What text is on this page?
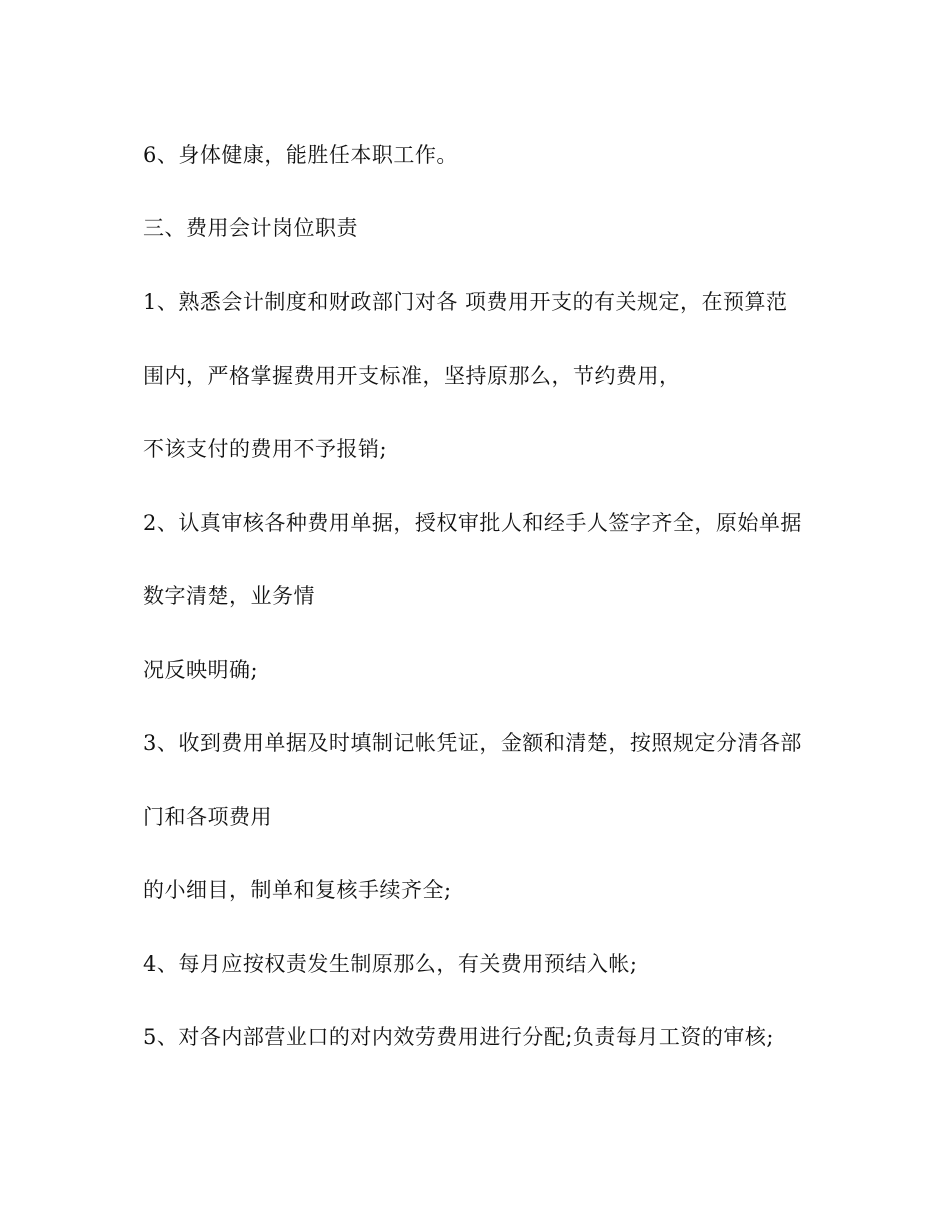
6、身体健康，能胜任本职工作。
三、费用会计岗位职责
1、熟悉会计制度和财政部门对各 项费用开支的有关规定，在预算范
围内，严格掌握费用开支标准，坚持原那么，节约费用，
不该支付的费用不予报销;
2、认真审核各种费用单据，授权审批人和经手人签字齐全，原始单据
数字清楚，业务情
况反映明确;
3、收到费用单据及时填制记帐凭证，金额和清楚，按照规定分清各部
门和各项费用
的小细目，制单和复核手续齐全;
4、每月应按权责发生制原那么，有关费用预结入帐;
5、对各内部营业口的对内效劳费用进行分配;负责每月工资的审核;
